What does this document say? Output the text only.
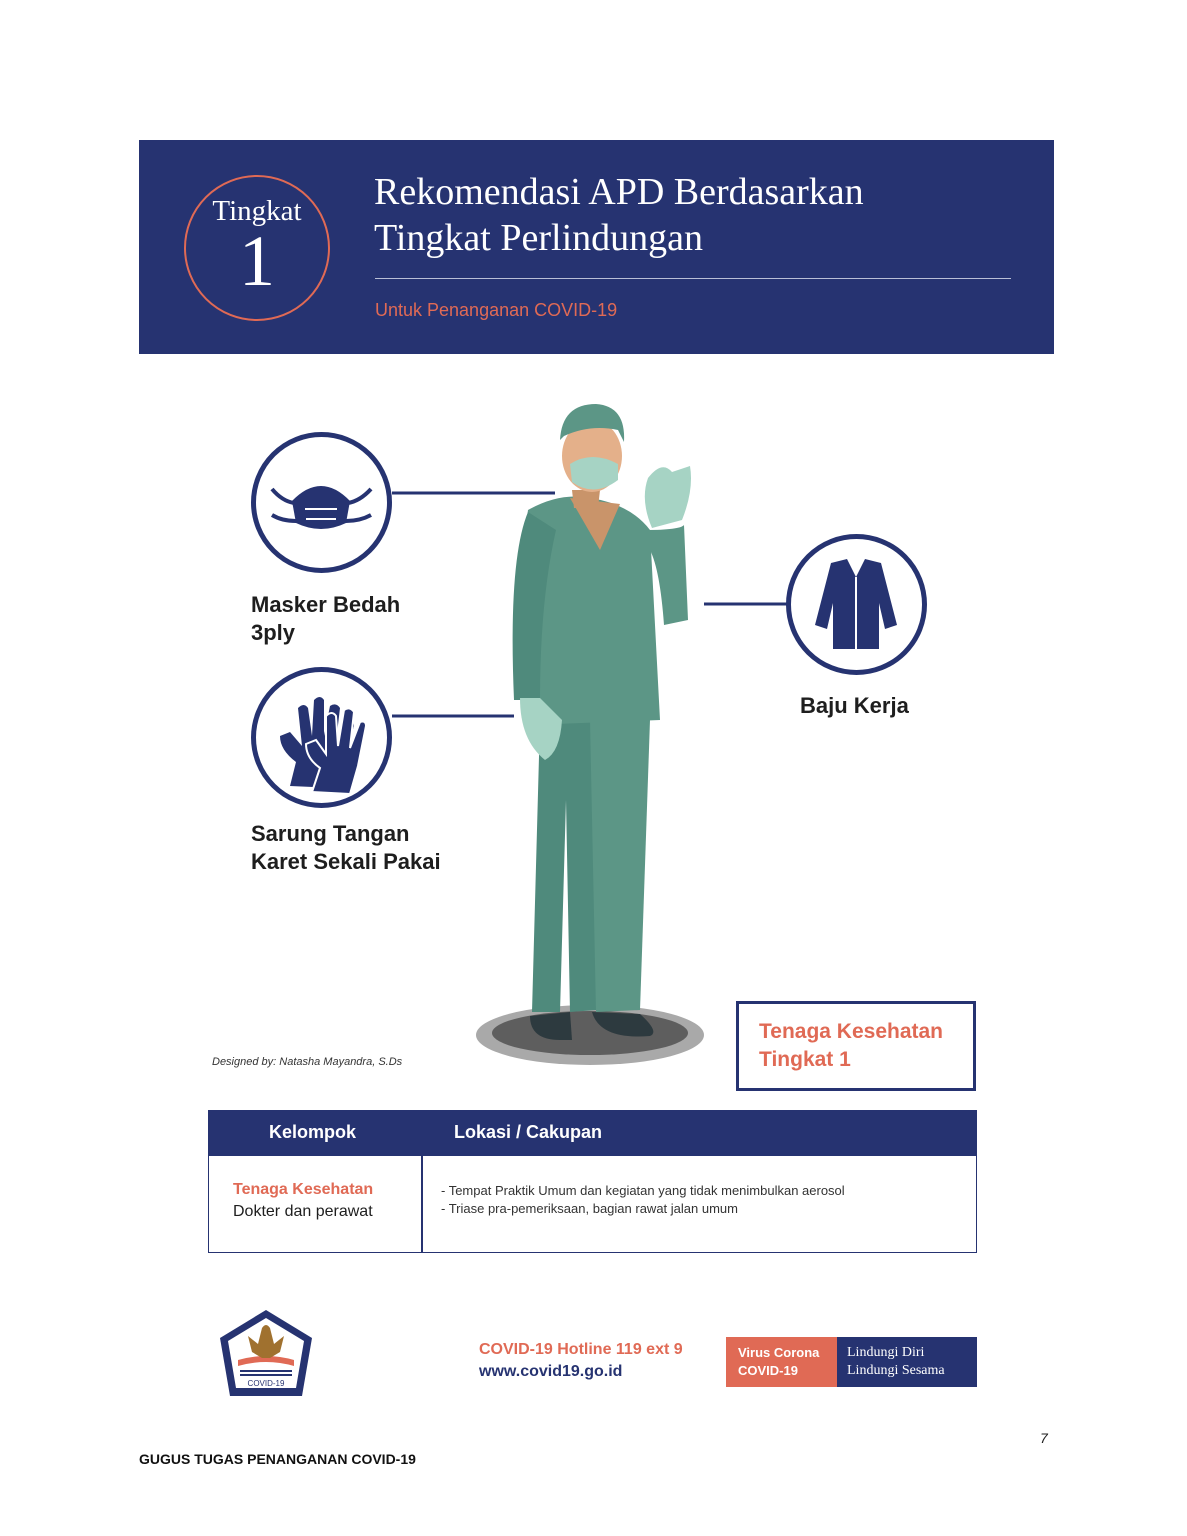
Tingkat
1
Rekomendasi APD Berdasarkan
Tingkat Perlindungan
Untuk Penanganan COVID-19
Masker Bedah
3ply
Sarung Tangan
Karet Sekali Pakai
Baju Kerja
Designed by: Natasha Mayandra, S.Ds
Tenaga Kesehatan
Tingkat 1
Kelompok	Lokasi / Cakupan
Tenaga Kesehatan
Dokter dan perawat
- Tempat Praktik Umum dan kegiatan yang tidak menimbulkan aerosol
- Triase pra-pemeriksaan, bagian rawat jalan umum
COVID-19
COVID-19 Hotline 119 ext 9
www.covid19.go.id
Virus Corona
COVID-19
Lindungi Diri
Lindungi Sesama
7
GUGUS TUGAS PENANGANAN COVID-19
